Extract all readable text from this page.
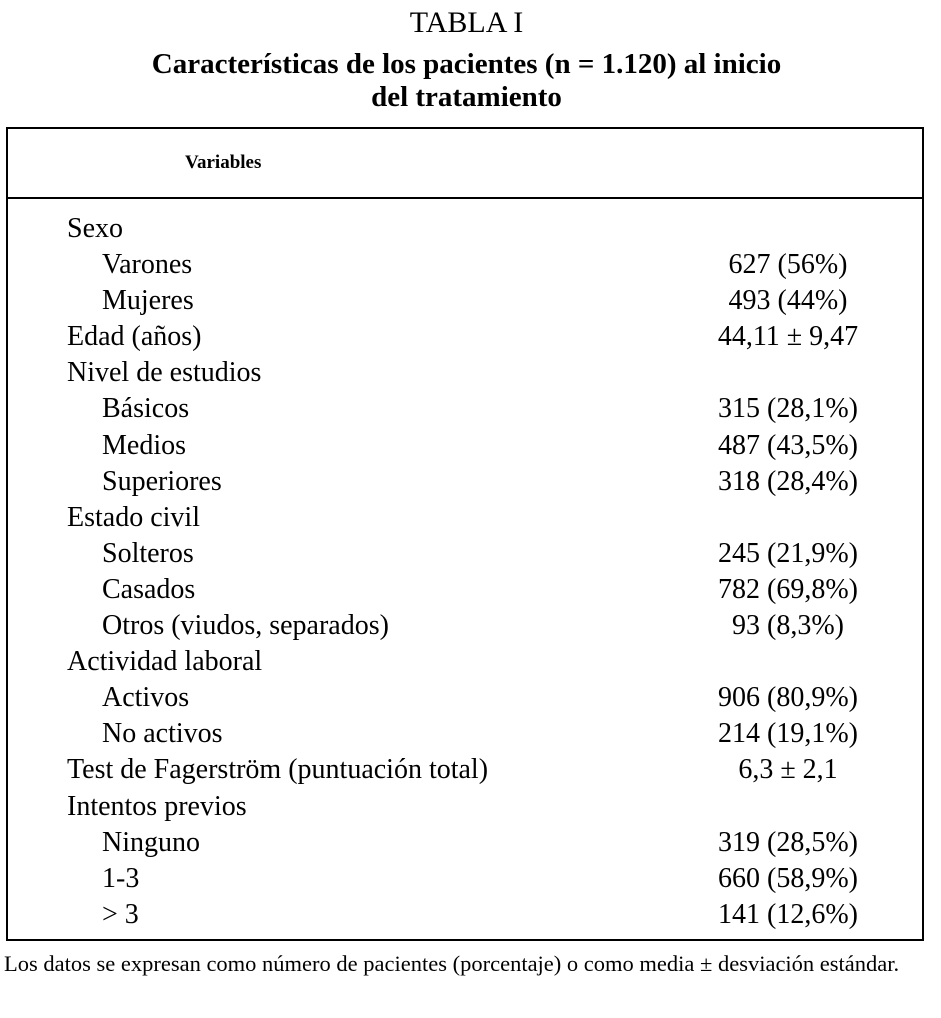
TABLA I
Características de los pacientes (n = 1.120) al inicio
del tratamiento
Variables
Sexo
Varones	627 (56%)
Mujeres	493 (44%)
Edad (años)	44,11 ± 9,47
Nivel de estudios
Básicos	315 (28,1%)
Medios	487 (43,5%)
Superiores	318 (28,4%)
Estado civil
Solteros	245 (21,9%)
Casados	782 (69,8%)
Otros (viudos, separados)	93 (8,3%)
Actividad laboral
Activos	906 (80,9%)
No activos	214 (19,1%)
Test de Fagerström (puntuación total)	6,3 ± 2,1
Intentos previos
Ninguno	319 (28,5%)
1-3	660 (58,9%)
> 3	141 (12,6%)
Los datos se expresan como número de pacientes (porcentaje) o como media ± desviación estándar.
